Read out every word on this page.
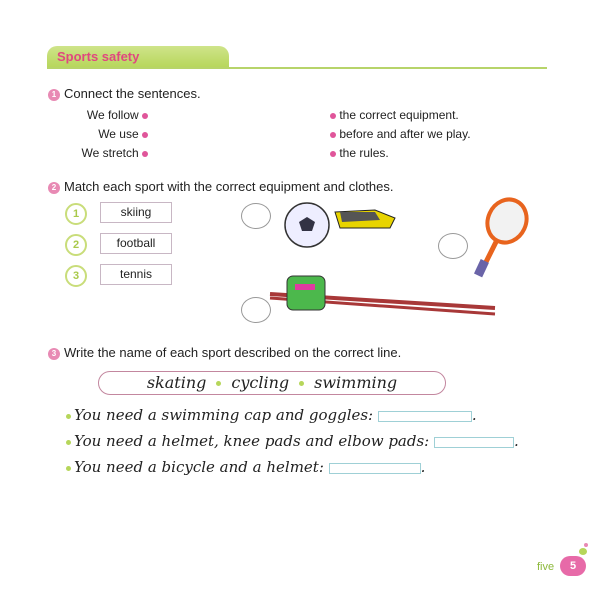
Sports safety
1 Connect the sentences.
We follow
We use
We stretch
the correct equipment.
before and after we play.
the rules.
2 Match each sport with the correct equipment and clothes.
1	skiing
2	football
3	tennis
3 Write the name of each sport described on the correct line.
skating cycling swimming
You need a swimming cap and goggles:	.
You need a helmet, knee pads and elbow pads:	.
You need a bicycle and a helmet:	.
five	5
